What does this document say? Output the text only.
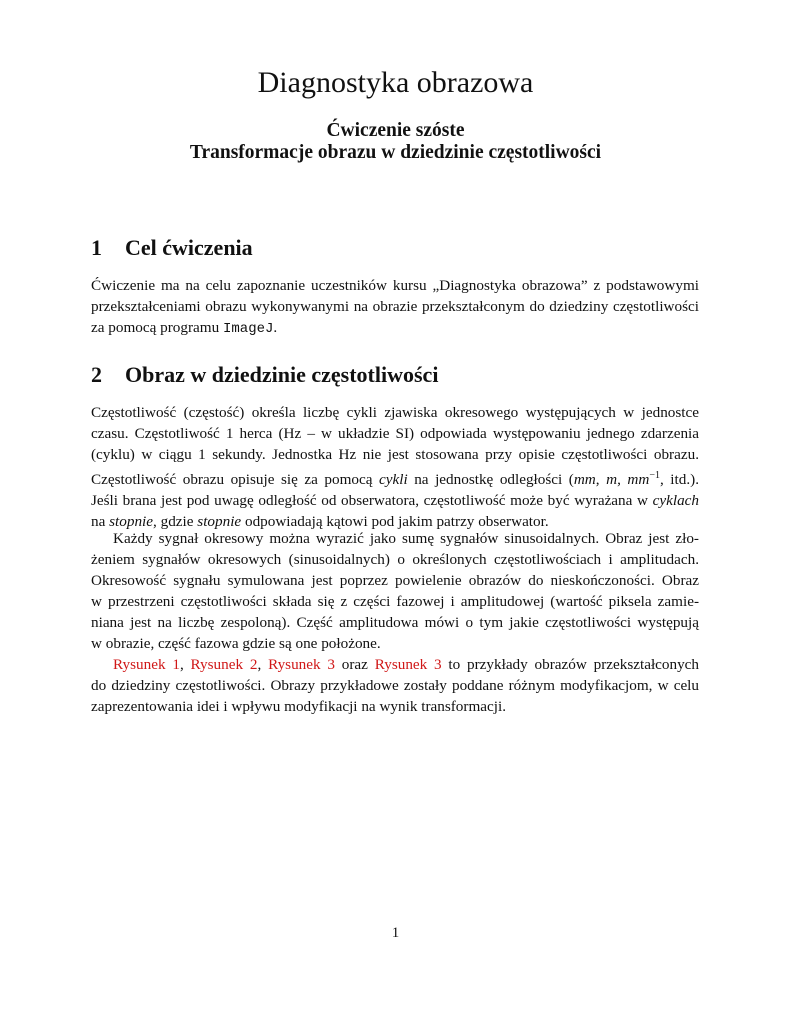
Diagnostyka obrazowa
Ćwiczenie szóste
Transformacje obrazu w dziedzinie częstotliwości
1 Cel ćwiczenia
Ćwiczenie ma na celu zapoznanie uczestników kursu „Diagnostyka obrazowa” z podstawowymi
przekształceniami obrazu wykonywanymi na obrazie przekształconym do dziedziny częstotliwości
za pomocą programu ImageJ.
2 Obraz w dziedzinie częstotliwości
Częstotliwość (częstość) określa liczbę cykli zjawiska okresowego występujących w jednostce
czasu. Częstotliwość 1 herca (Hz – w układzie SI) odpowiada występowaniu jednego zdarzenia
(cyklu) w ciągu 1 sekundy. Jednostka Hz nie jest stosowana przy opisie częstotliwości obrazu.
Częstotliwość obrazu opisuje się za pomocą cykli na jednostkę odległości (mm, m, $mm^{-1}$, itd.).
Jeśli brana jest pod uwagę odległość od obserwatora, częstotliwość może być wyrażana w cyklach
na stopnie, gdzie stopnie odpowiadają kątowi pod jakim patrzy obserwator.
Każdy sygnał okresowy można wyrazić jako sumę sygnałów sinusoidalnych. Obraz jest zło-
żeniem sygnałów okresowych (sinusoidalnych) o określonych częstotliwościach i amplitudach.
Okresowość sygnału symulowana jest poprzez powielenie obrazów do nieskończoności. Obraz
w przestrzeni częstotliwości składa się z części fazowej i amplitudowej (wartość piksela zamie-
niana jest na liczbę zespoloną). Część amplitudowa mówi o tym jakie częstotliwości występują
w obrazie, część fazowa gdzie są one położone.
Rysunek 1, Rysunek 2, Rysunek 3 oraz Rysunek 3 to przykłady obrazów przekształconych
do dziedziny częstotliwości. Obrazy przykładowe zostały poddane różnym modyfikacjom, w celu
zaprezentowania idei i wpływu modyfikacji na wynik transformacji.
1
